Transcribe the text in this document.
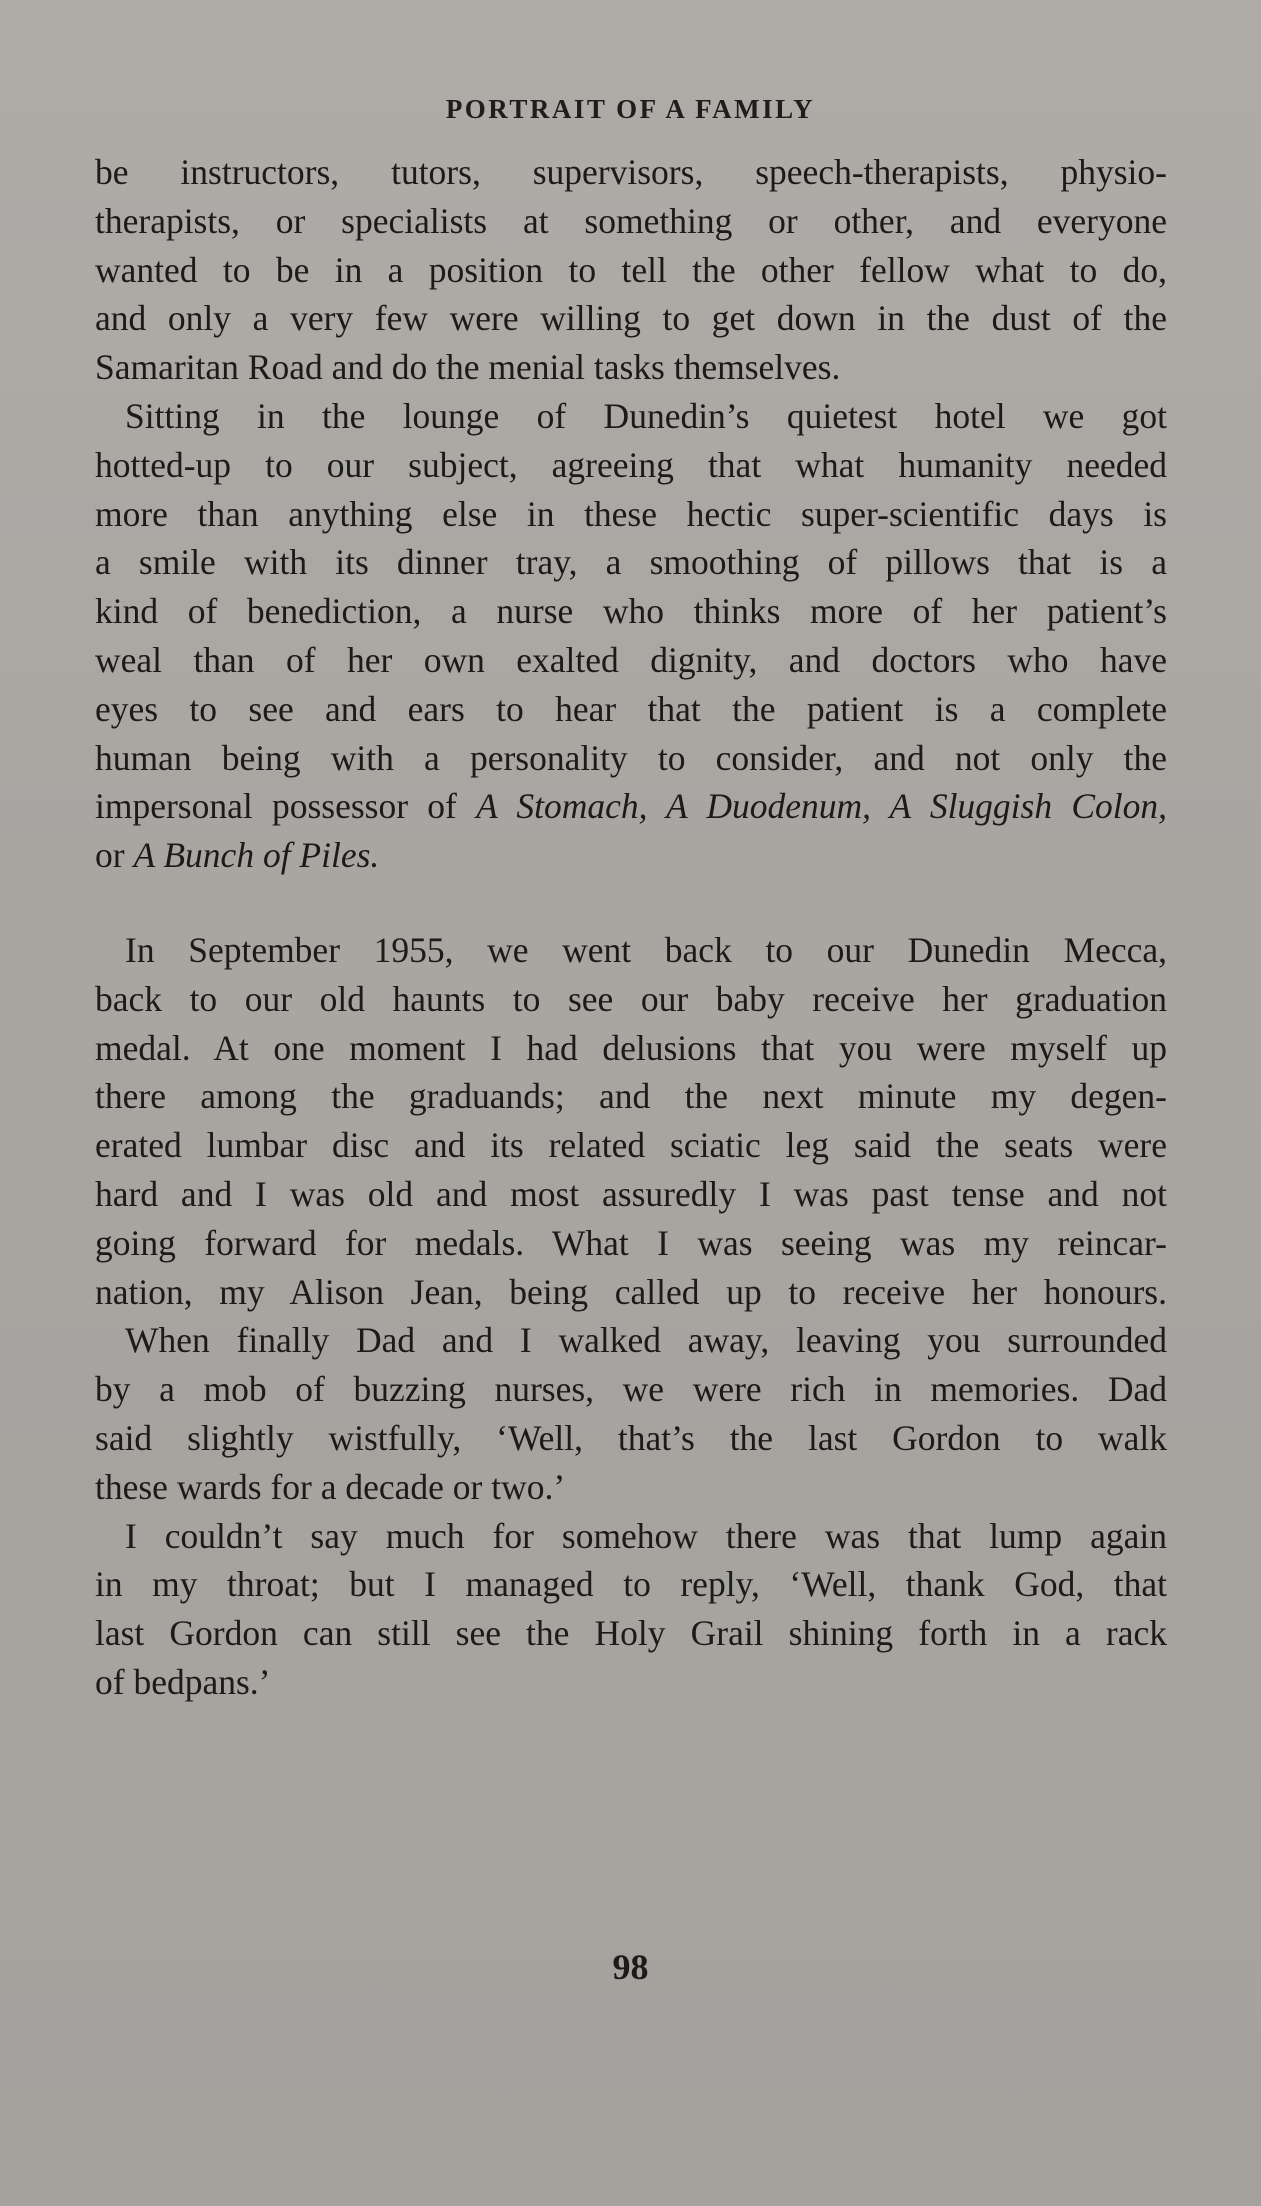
PORTRAIT OF A FAMILY
be instructors, tutors, supervisors, speech-therapists, physio-
therapists, or specialists at something or other, and everyone
wanted to be in a position to tell the other fellow what to do,
and only a very few were willing to get down in the dust of the
Samaritan Road and do the menial tasks themselves.
Sitting in the lounge of Dunedin’s quietest hotel we got
hotted-up to our subject, agreeing that what humanity needed
more than anything else in these hectic super-scientific days is
a smile with its dinner tray, a smoothing of pillows that is a
kind of benediction, a nurse who thinks more of her patient’s
weal than of her own exalted dignity, and doctors who have
eyes to see and ears to hear that the patient is a complete
human being with a personality to consider, and not only the
impersonal possessor of A Stomach, A Duodenum, A Sluggish Colon,
or A Bunch of Piles.
In September 1955, we went back to our Dunedin Mecca,
back to our old haunts to see our baby receive her graduation
medal. At one moment I had delusions that you were myself up
there among the graduands; and the next minute my degen-
erated lumbar disc and its related sciatic leg said the seats were
hard and I was old and most assuredly I was past tense and not
going forward for medals. What I was seeing was my reincar-
nation, my Alison Jean, being called up to receive her honours.
When finally Dad and I walked away, leaving you surrounded
by a mob of buzzing nurses, we were rich in memories. Dad
said slightly wistfully, ‘Well, that’s the last Gordon to walk
these wards for a decade or two.’
I couldn’t say much for somehow there was that lump again
in my throat; but I managed to reply, ‘Well, thank God, that
last Gordon can still see the Holy Grail shining forth in a rack
of bedpans.’
98
